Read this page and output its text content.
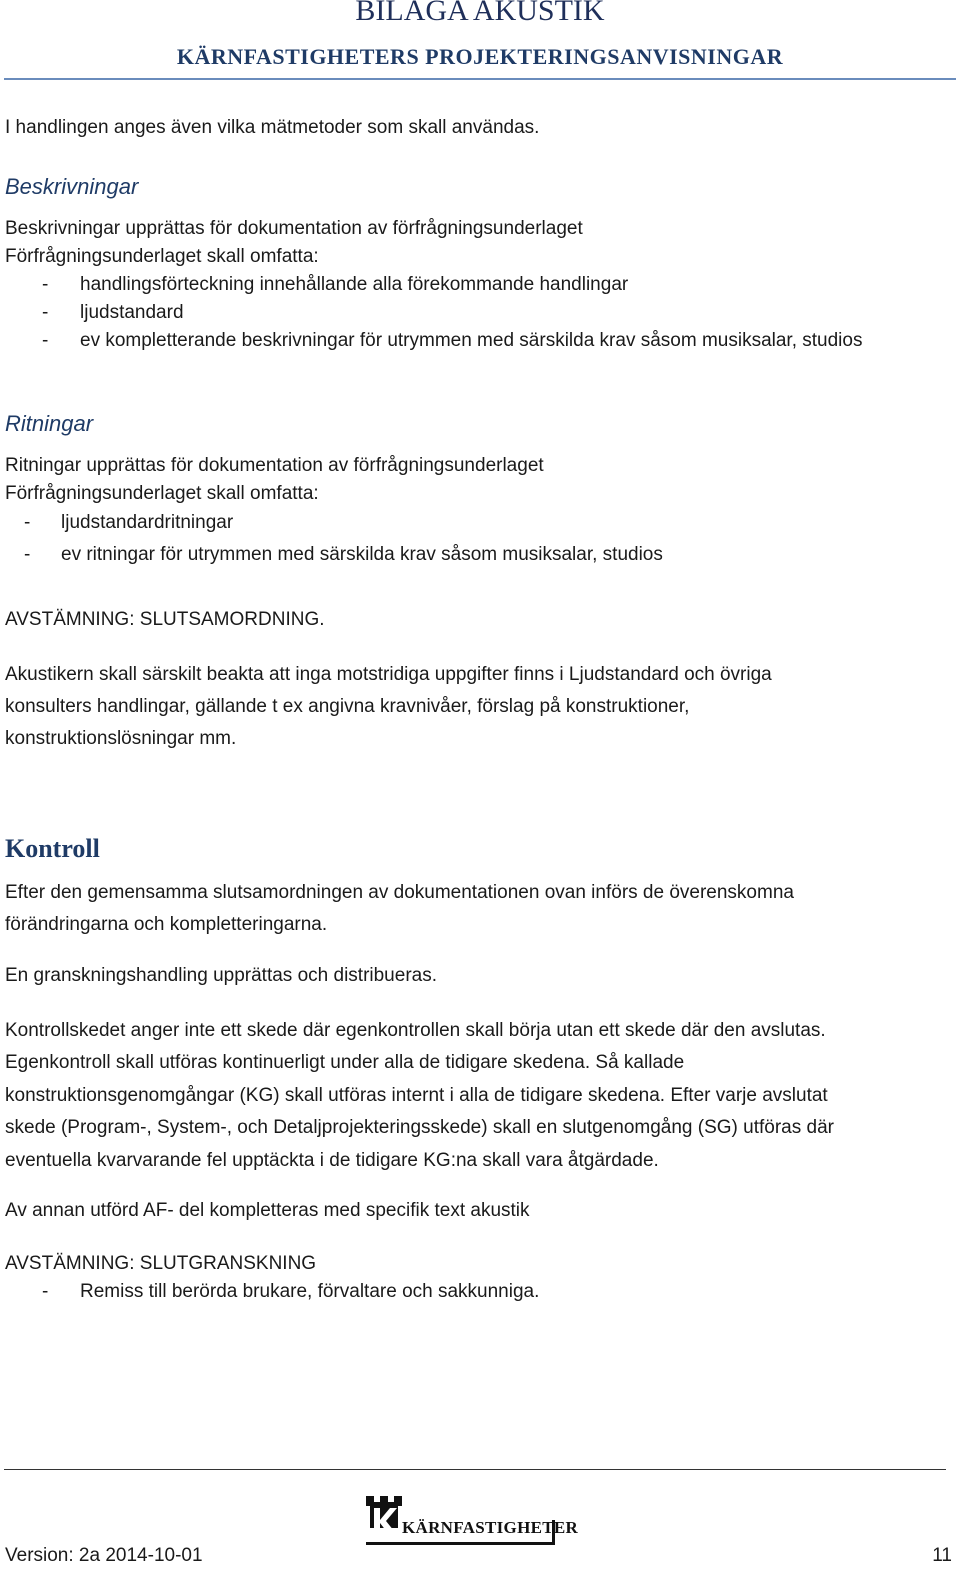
BILAGA AKUSTIK
KÄRNFASTIGHETERS PROJEKTERINGSANVISNINGAR
I handlingen anges även vilka mätmetoder som skall användas.
Beskrivningar
Beskrivningar upprättas för dokumentation av förfrågningsunderlaget
Förfrågningsunderlaget skall omfatta:
- handlingsförteckning innehållande alla förekommande handlingar
- ljudstandard
- ev kompletterande beskrivningar för utrymmen med särskilda krav såsom musiksalar, studios
Ritningar
Ritningar upprättas för dokumentation av förfrågningsunderlaget
Förfrågningsunderlaget skall omfatta:
- ljudstandardritningar
- ev ritningar för utrymmen med särskilda krav såsom musiksalar, studios
AVSTÄMNING: SLUTSAMORDNING.
Akustikern skall särskilt beakta att inga motstridiga uppgifter finns i Ljudstandard och övriga
konsulters handlingar, gällande t ex angivna kravnivåer, förslag på konstruktioner,
konstruktionslösningar mm.
Kontroll
Efter den gemensamma slutsamordningen av dokumentationen ovan införs de överenskomna
förändringarna och kompletteringarna.
En granskningshandling upprättas och distribueras.
Kontrollskedet anger inte ett skede där egenkontrollen skall börja utan ett skede där den avslutas.
Egenkontroll skall utföras kontinuerligt under alla de tidigare skedena. Så kallade
konstruktionsgenomgångar (KG) skall utföras internt i alla de tidigare skedena. Efter varje avslutat
skede (Program-, System-, och Detaljprojekteringsskede) skall en slutgenomgång (SG) utföras där
eventuella kvarvarande fel upptäckta i de tidigare KG:na skall vara åtgärdade.
Av annan utförd AF- del kompletteras med specifik text akustik
AVSTÄMNING: SLUTGRANSKNING
- Remiss till berörda brukare, förvaltare och sakkunniga.
KÄRNFASTIGHETER
Version: 2a 2014-10-01	11
